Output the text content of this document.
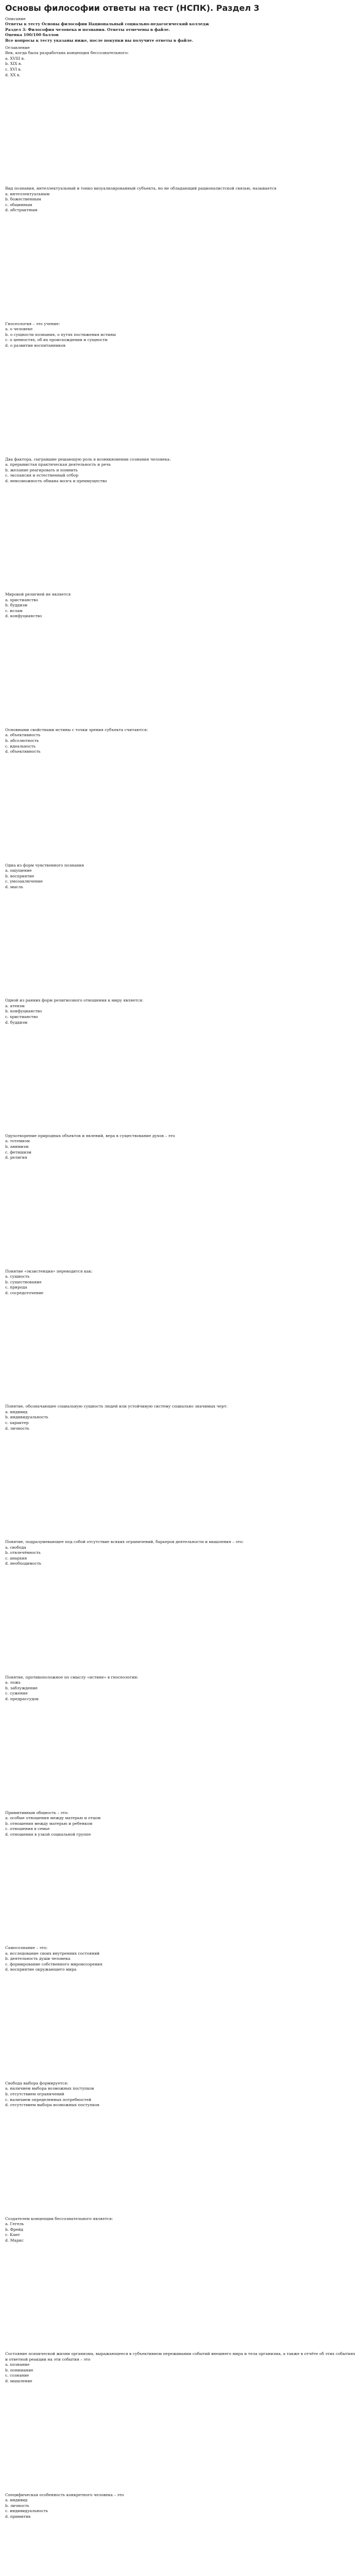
Основы философии ответы на тест (НСПК). Раздел 3

Описание

Ответы к тесту Основы философии Национальный социально-педагогический колледж

Раздел 3: Философия человека и познания. Ответы отмечены в файле.

Оценка 100/100 баллов

Все вопросы к тесту указаны ниже, после покупки вы получите ответы в файле.

Оглавление

Век, когда была разработана концепция бессознательного:

a. XVIII в.
b. XIX в.
c. XVI в.
d. XX в.

Вид познания, интеллектуальный и тонко визуализированный субъекта, но не обладающий рационалистской связью, называется

a. интеллектуальным
b. божественным
c. общинным
d. абстрактным

Гносеология – это учение:

a. о человеке
b. о сущности познания, о путях постижения истины
c. о ценностях, об их происхождении и сущности
d. о развитии воспитанников

Два фактора, сыгравшие решающую роль в возникновении сознания человека:

a. прерывистая практическая деятельность и речь
b. желание реагировать и помнить
c. экспансия и естественный отбор
d. невозможность обмана мозга и преимущество

Мировой религией не является

a. христианство
b. буддизм
c. ислам
d. конфуцианство

Основными свойствами истины с точки зрения субъекта считаются:

a. объективность
b. абсолютность
c. идеальность
d. объективность

Одна из форм чувственного познания

a. ощущение
b. восприятие
c. умозаключение
d. мысль

Одной из ранних форм религиозного отношения к миру является:

a. атеизм
b. конфуцианство
c. христианство
d. буддизм

Одухотворение природных объектов и явлений, вера в существование духов – это

a. тотемизм
b. анимизм
c. фетишизм
d. религия

Понятие «экзистенция» переводится как:

a. сущность
b. существование
c. природа
d. сосредоточение

Понятие, обозначающее социальную сущность людей или устойчивую систему социально значимых черт:

a. индивид
b. индивидуальность
c. характер
d. личность

Понятие, подразумевающее под собой отсутствие всяких ограничений, барьеров деятельности и мышления – это:

a. свобода
b. отвлечённость
c. анархия
d. необходимость

Понятие, противоположное по смыслу «истине» в гносеологии:

a. ложь
b. заблуждение
c. сужение
d. предрассудок

Примитивным общность – это:

a. особые отношения между матерью и отцом
b. отношения между матерью и ребенком
c. отношения в семье
d. отношения в узкой социальной группе

Самосознание – это:

a. исследование своих внутренних состояний
b. деятельность души человека
c. формирование собственного мировоззрения
d. восприятие окружающего мира

Свобода выбора формируется:

a. наличием выбора возможных поступков
b. отсутствием ограничений
c. наличием определенных потребностей
d. отсутствием выбора возможных поступков

Создателем концепции бессознательного является:

a. Гегель
b. Фрейд
c. Кант
d. Маркс

Состояние психической жизни организма, выражающееся в субъективном переживании событий внешнего мира и тела организма, а также в отчёте об этих событиях и ответной реакции на эти события – это

a. познание
b. понимание
c. сознание
d. мышление

Специфическая особенность конкретного человека – это

a. индивид
b. личность
c. индивидуальность
d. примитив
